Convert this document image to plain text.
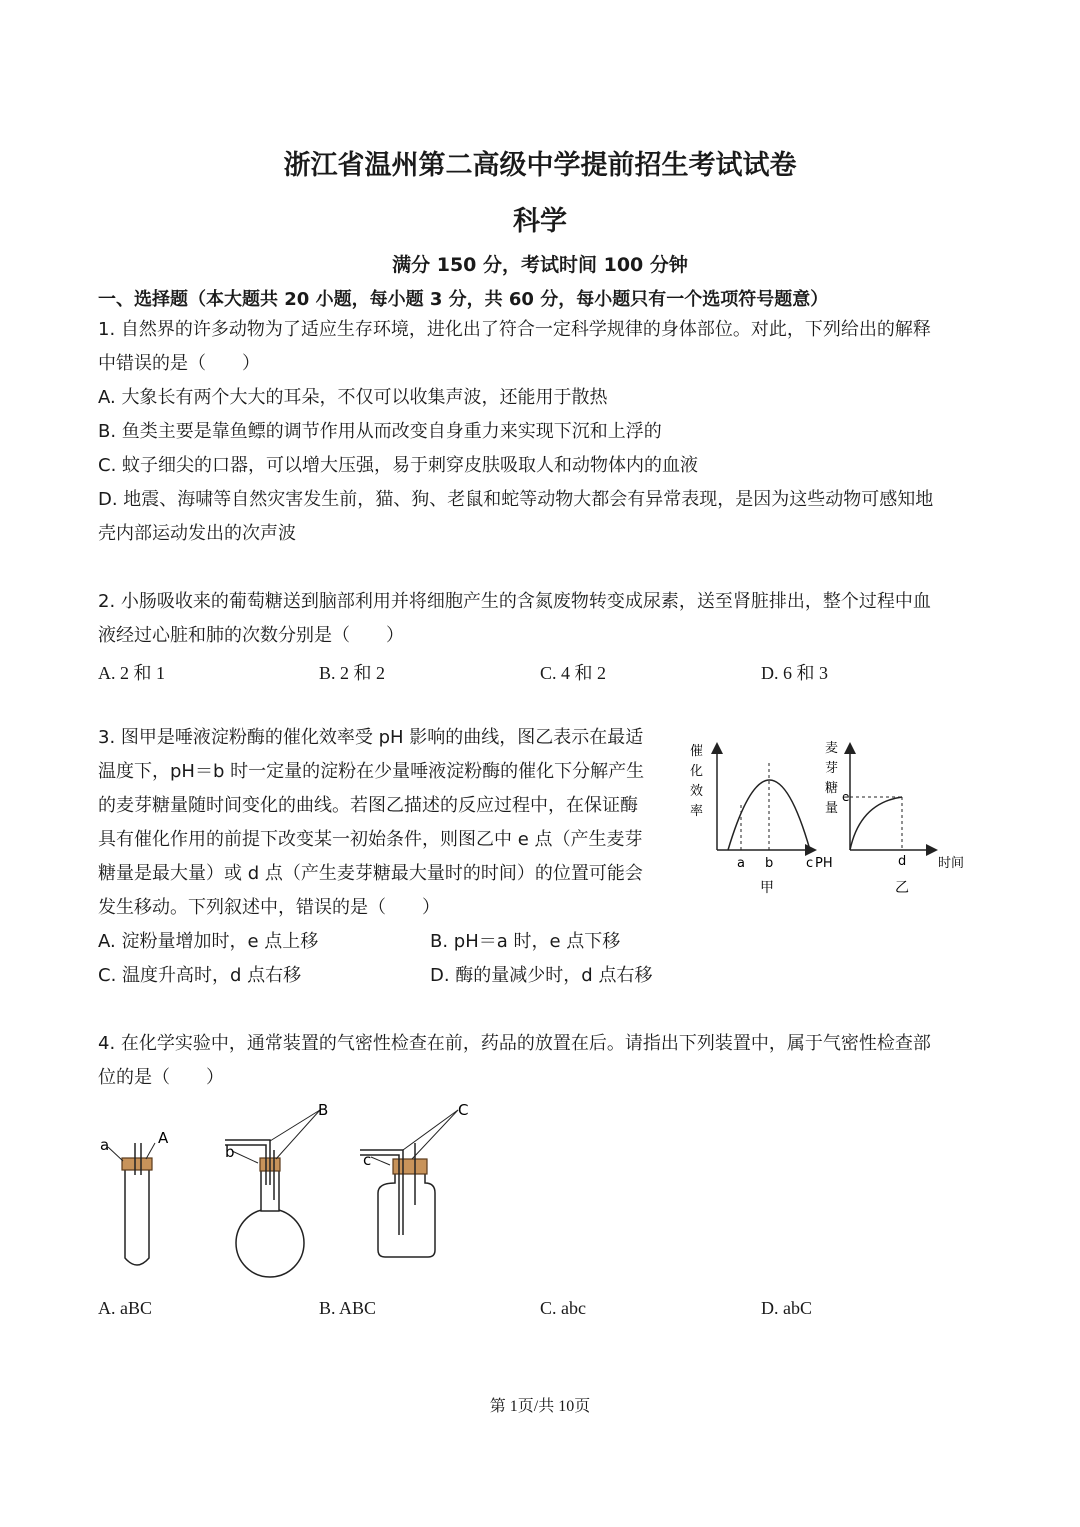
浙江省温州第二高级中学提前招生考试试卷
科学
满分 150 分，考试时间 100 分钟
一、选择题（本大题共 20 小题，每小题 3 分，共 60 分，每小题只有一个选项符号题意）
1. 自然界的许多动物为了适应生存环境，进化出了符合一定科学规律的身体部位。对此，下列给出的解释
中错误的是（　　）
A. 大象长有两个大大的耳朵，不仅可以收集声波，还能用于散热
B. 鱼类主要是靠鱼鳔的调节作用从而改变自身重力来实现下沉和上浮的
C. 蚊子细尖的口器，可以增大压强，易于刺穿皮肤吸取人和动物体内的血液
D. 地震、海啸等自然灾害发生前，猫、狗、老鼠和蛇等动物大都会有异常表现，是因为这些动物可感知地
壳内部运动发出的次声波
2. 小肠吸收来的葡萄糖送到脑部利用并将细胞产生的含氮废物转变成尿素，送至肾脏排出，整个过程中血
液经过心脏和肺的次数分别是（　　）
A. 2 和 1	B. 2 和 2	C. 4 和 2	D. 6 和 3
3. 图甲是唾液淀粉酶的催化效率受 pH 影响的曲线，图乙表示在最适
温度下，pH＝b 时一定量的淀粉在少量唾液淀粉酶的催化下分解产生
的麦芽糖量随时间变化的曲线。若图乙描述的反应过程中，在保证酶
具有催化作用的前提下改变某一初始条件，则图乙中 e 点（产生麦芽
糖量是最大量）或 d 点（产生麦芽糖最大量时的时间）的位置可能会
发生移动。下列叙述中，错误的是（　　）
A. 淀粉量增加时，e 点上移	B. pH＝a 时，e 点下移
C. 温度升高时，d 点右移	D. 酶的量减少时，d 点右移
催
化
效
率
a b	c PH
甲
麦
芽
糖
量
e
d 时间
乙
4. 在化学实验中，通常装置的气密性检查在前，药品的放置在后。请指出下列装置中，属于气密性检查部
位的是（　　）
a	A
b
B
c
C
A. aBC	B. ABC	C. abc	D. abC
第 1页/共 10页
